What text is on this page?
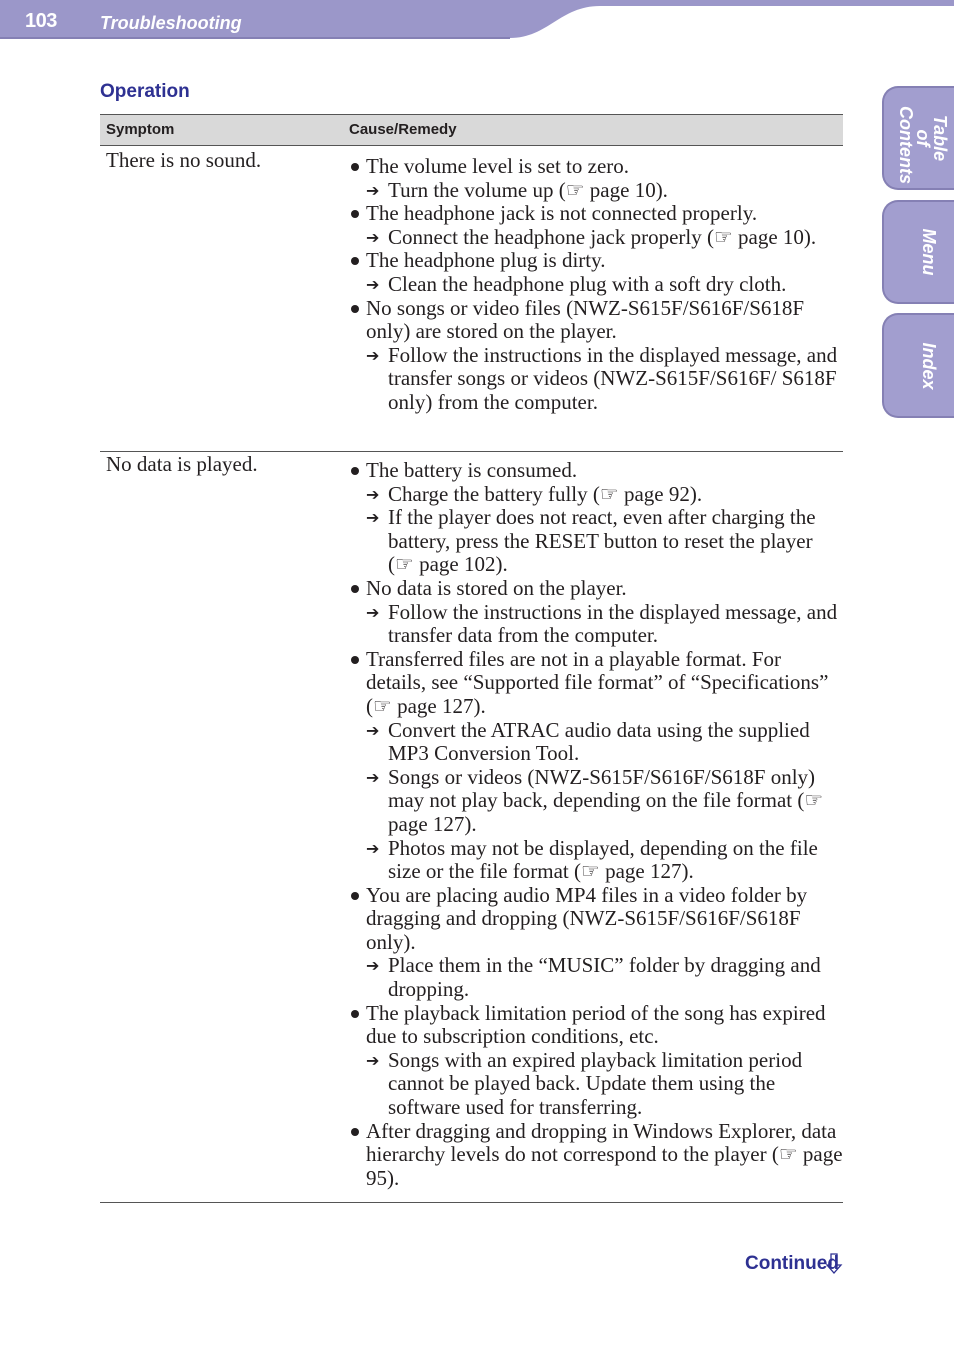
103 Troubleshooting
Table of Contents
Menu
Index
Operation
Symptom	Cause/Remedy
There is no sound.	The volume level is set to zero.
➔ Turn the volume up (☞ page 10).
The headphone jack is not connected properly.
➔ Connect the headphone jack properly (☞ page 10).
The headphone plug is dirty.
➔ Clean the headphone plug with a soft dry cloth.
No songs or video files (NWZ-S615F/S616F/S618F only) are stored on the player.
➔ Follow the instructions in the displayed message, and transfer songs or videos (NWZ-S615F/S616F/ S618F only) from the computer.
No data is played.	The battery is consumed.
➔ Charge the battery fully (☞ page 92).
➔ If the player does not react, even after charging the battery, press the RESET button to reset the player (☞ page 102).
No data is stored on the player.
➔ Follow the instructions in the displayed message, and transfer data from the computer.
Transferred files are not in a playable format. For details, see “Supported file format” of “Specifications” (☞ page 127).
➔ Convert the ATRAC audio data using the supplied MP3 Conversion Tool.
➔ Songs or videos (NWZ-S615F/S616F/S618F only) may not play back, depending on the file format (☞ page 127).
➔ Photos may not be displayed, depending on the file size or the file format (☞ page 127).
You are placing audio MP4 files in a video folder by dragging and dropping (NWZ-S615F/S616F/S618F only).
➔ Place them in the “MUSIC” folder by dragging and dropping.
The playback limitation period of the song has expired due to subscription conditions, etc.
➔ Songs with an expired playback limitation period cannot be played back. Update them using the software used for transferring.
After dragging and dropping in Windows Explorer, data hierarchy levels do not correspond to the player (☞ page 95).
Continued
